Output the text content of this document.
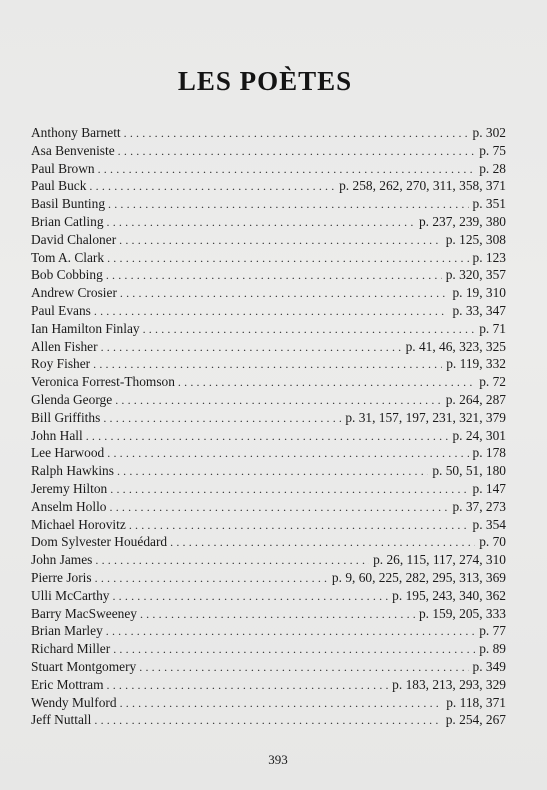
LES POÈTES
Anthony Barnett .....	p. 302
Asa Benveniste .....	p. 75
Paul Brown .....	p. 28
Paul Buck .....	p. 258, 262, 270, 311, 358, 371
Basil Bunting .....	p. 351
Brian Catling .....	p. 237, 239, 380
David Chaloner .....	p. 125, 308
Tom A. Clark .....	p. 123
Bob Cobbing .....	p. 320, 357
Andrew Crosier .....	p. 19, 310
Paul Evans .....	p. 33, 347
Ian Hamilton Finlay .....	p. 71
Allen Fisher .....	p. 41, 46, 323, 325
Roy Fisher .....	p. 119, 332
Veronica Forrest-Thomson .....	p. 72
Glenda George .....	p. 264, 287
Bill Griffiths .....	p. 31, 157, 197, 231, 321, 379
John Hall .....	p. 24, 301
Lee Harwood .....	p. 178
Ralph Hawkins .....	p. 50, 51, 180
Jeremy Hilton .....	p. 147
Anselm Hollo .....	p. 37, 273
Michael Horovitz .....	p. 354
Dom Sylvester Houédard .....	p. 70
John James .....	p. 26, 115, 117, 274, 310
Pierre Joris .....	p. 9, 60, 225, 282, 295, 313, 369
Ulli McCarthy .....	p. 195, 243, 340, 362
Barry MacSweeney .....	p. 159, 205, 333
Brian Marley .....	p. 77
Richard Miller .....	p. 89
Stuart Montgomery .....	p. 349
Eric Mottram .....	p. 183, 213, 293, 329
Wendy Mulford .....	p. 118, 371
Jeff Nuttall .....	p. 254, 267
393
